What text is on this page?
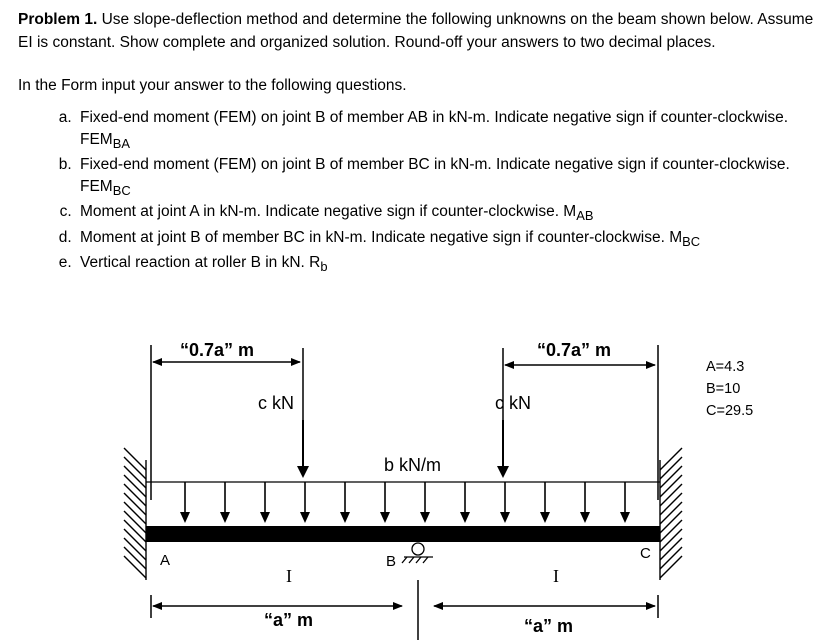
Problem 1. Use slope-deflection method and determine the following unknowns on the beam shown below. Assume EI is constant. Show complete and organized solution. Round-off your answers to two decimal places.

In the Form input your answer to the following questions.

a. Fixed-end moment (FEM) on joint B of member AB in kN-m. Indicate negative sign if counter-clockwise. $FEM_{BA}$
b. Fixed-end moment (FEM) on joint B of member BC in kN-m. Indicate negative sign if counter-clockwise. $FEM_{BC}$
c. Moment at joint A in kN-m. Indicate negative sign if counter-clockwise. $M_{AB}$
d. Moment at joint B of member BC in kN-m. Indicate negative sign if counter-clockwise. $M_{BC}$
e. Vertical reaction at roller B in kN. $R_b$
“0.7a” m	“0.7a” m
c kN	c kN
b kN/m
A	B	C
I	I
“a” m	“a” m
A=4.3
B=10
C=29.5
